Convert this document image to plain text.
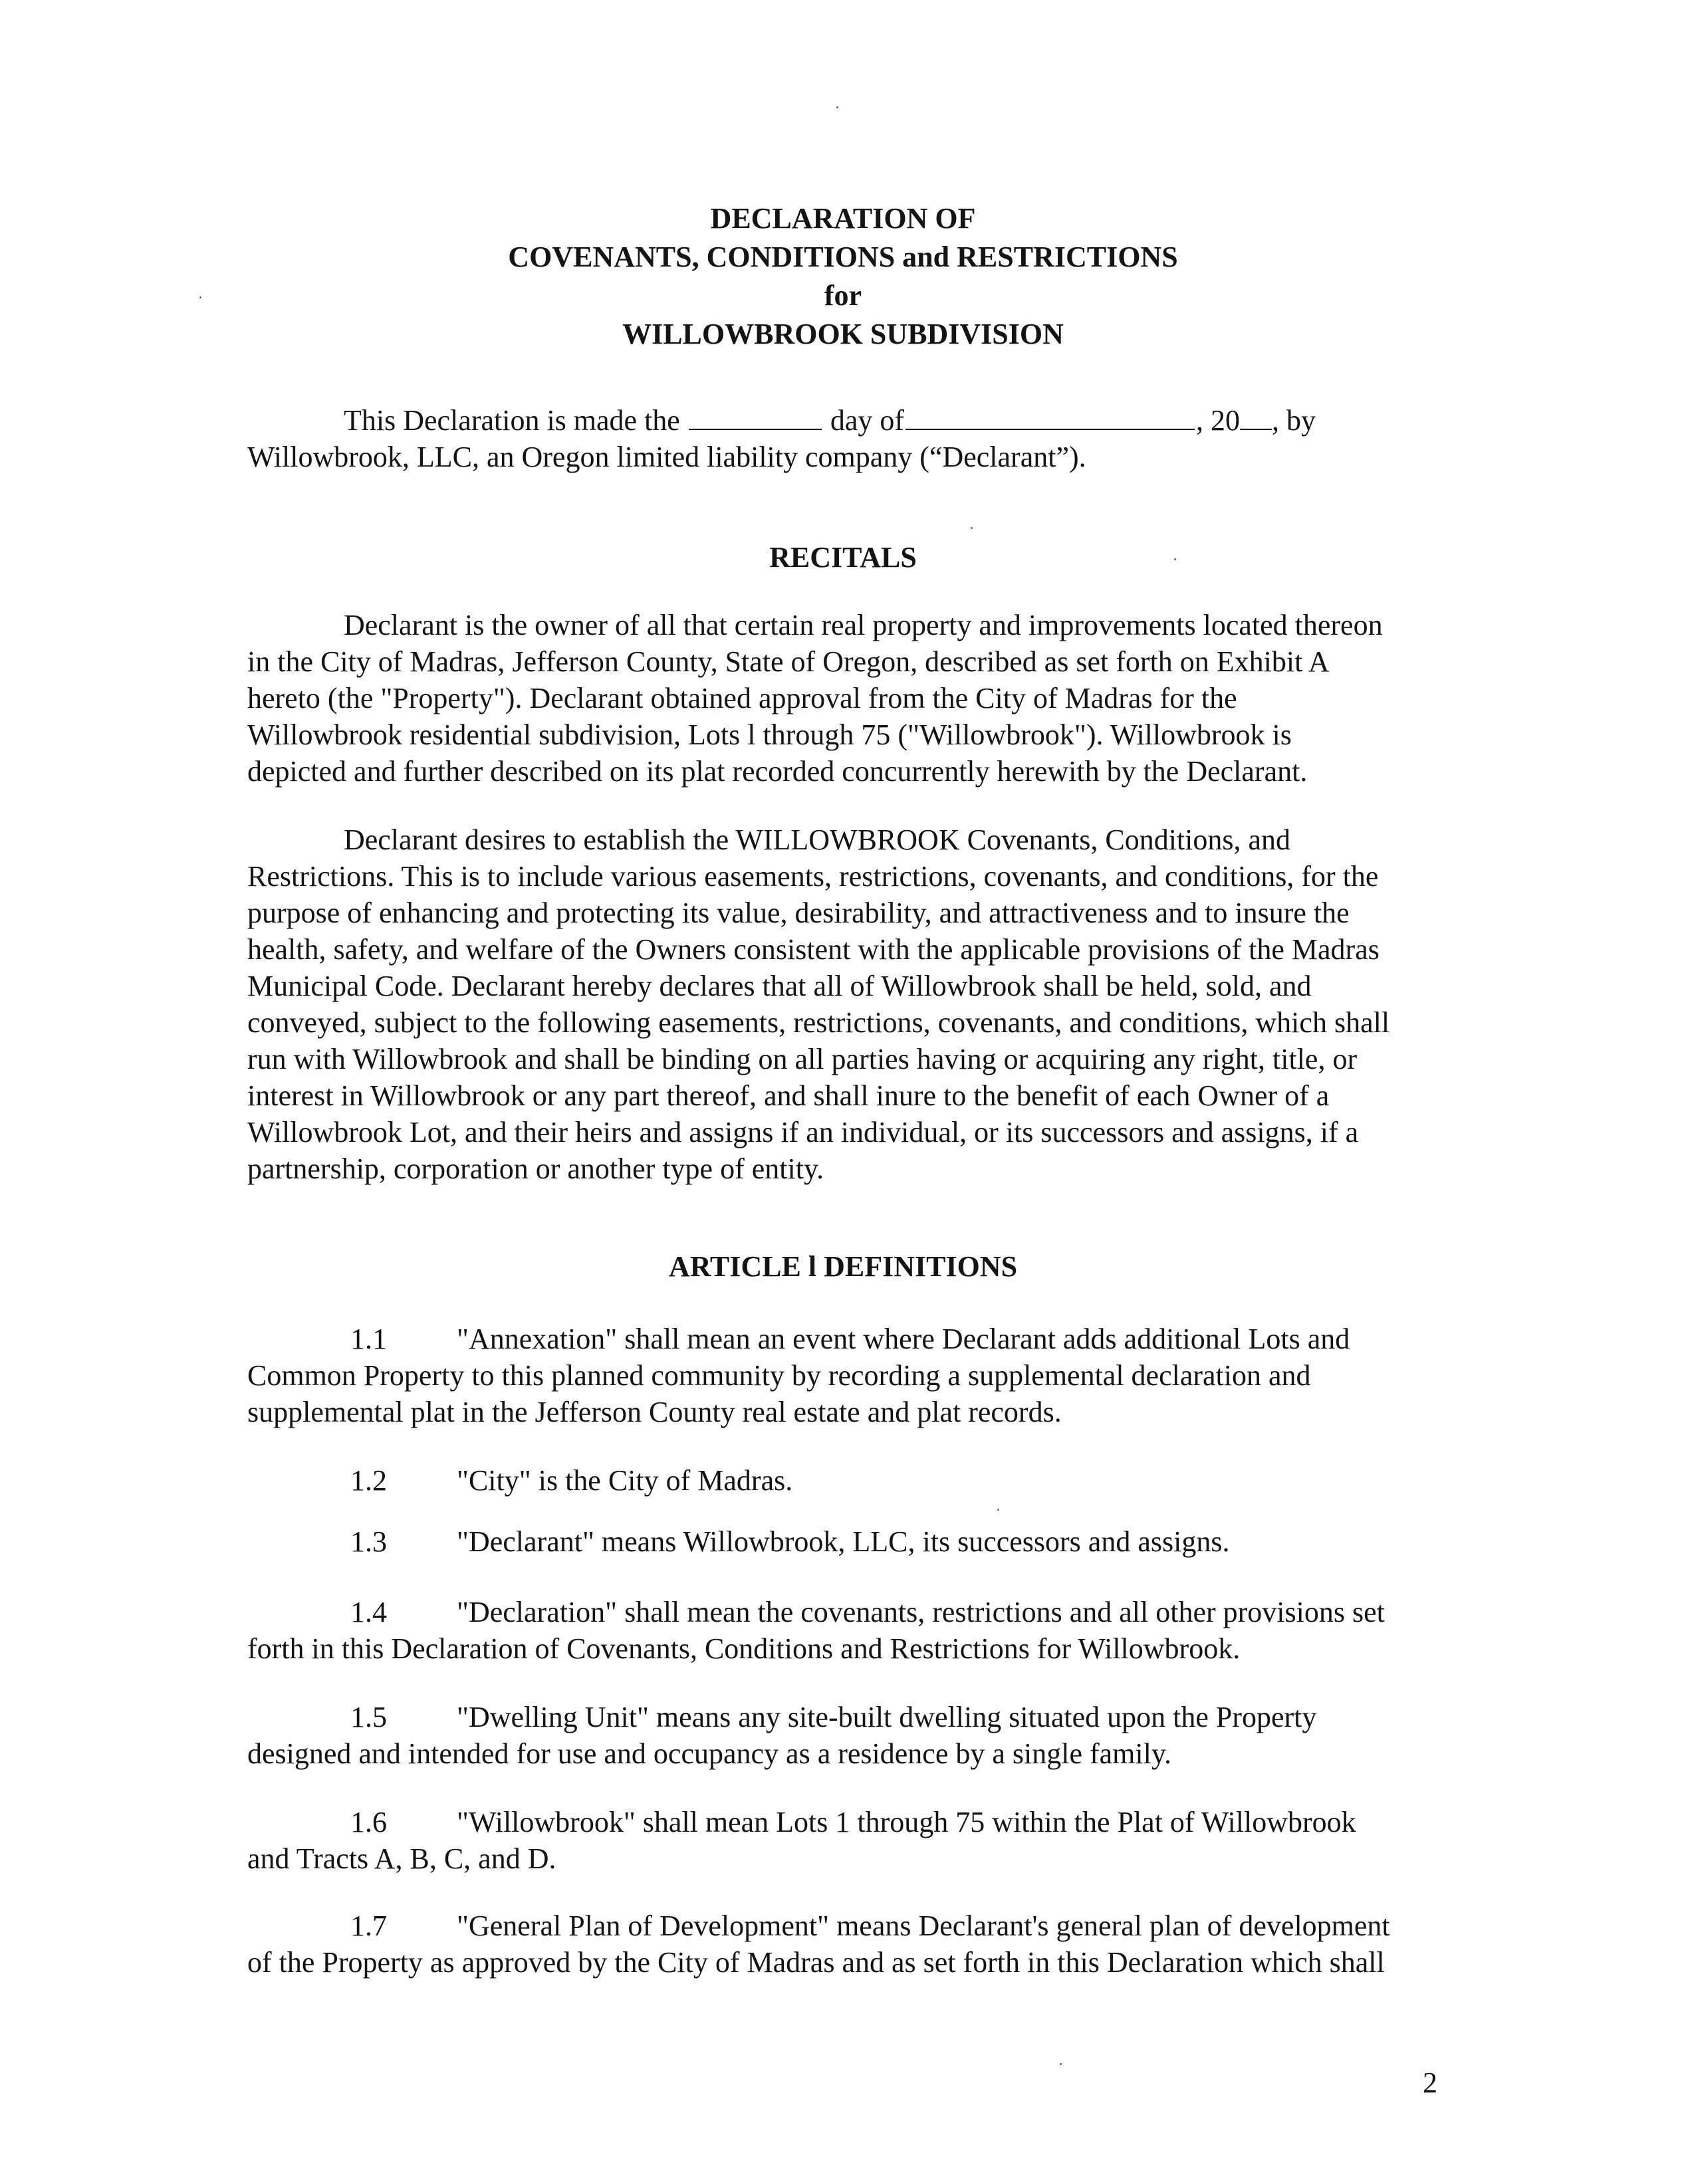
DECLARATION OF
COVENANTS, CONDITIONS and RESTRICTIONS
for
WILLOWBROOK SUBDIVISION
This Declaration is made the	day of	, 20 , by
Willowbrook, LLC, an Oregon limited liability company (“Declarant”).
RECITALS
Declarant is the owner of all that certain real property and improvements located thereon
in the City of Madras, Jefferson County, State of Oregon, described as set forth on Exhibit A
hereto (the "Property"). Declarant obtained approval from the City of Madras for the
Willowbrook residential subdivision, Lots l through 75 ("Willowbrook"). Willowbrook is
depicted and further described on its plat recorded concurrently herewith by the Declarant.
Declarant desires to establish the WILLOWBROOK Covenants, Conditions, and
Restrictions. This is to include various easements, restrictions, covenants, and conditions, for the
purpose of enhancing and protecting its value, desirability, and attractiveness and to insure the
health, safety, and welfare of the Owners consistent with the applicable provisions of the Madras
Municipal Code. Declarant hereby declares that all of Willowbrook shall be held, sold, and
conveyed, subject to the following easements, restrictions, covenants, and conditions, which shall
run with Willowbrook and shall be binding on all parties having or acquiring any right, title, or
interest in Willowbrook or any part thereof, and shall inure to the benefit of each Owner of a
Willowbrook Lot, and their heirs and assigns if an individual, or its successors and assigns, if a
partnership, corporation or another type of entity.
ARTICLE l DEFINITIONS
1.1 "Annexation" shall mean an event where Declarant adds additional Lots and
Common Property to this planned community by recording a supplemental declaration and
supplemental plat in the Jefferson County real estate and plat records.
1.2 "City" is the City of Madras.
1.3 "Declarant" means Willowbrook, LLC, its successors and assigns.
1.4 "Declaration" shall mean the covenants, restrictions and all other provisions set
forth in this Declaration of Covenants, Conditions and Restrictions for Willowbrook.
1.5 "Dwelling Unit" means any site-built dwelling situated upon the Property
designed and intended for use and occupancy as a residence by a single family.
1.6 "Willowbrook" shall mean Lots 1 through 75 within the Plat of Willowbrook
and Tracts A, B, C, and D.
1.7 "General Plan of Development" means Declarant's general plan of development
of the Property as approved by the City of Madras and as set forth in this Declaration which shall
2
